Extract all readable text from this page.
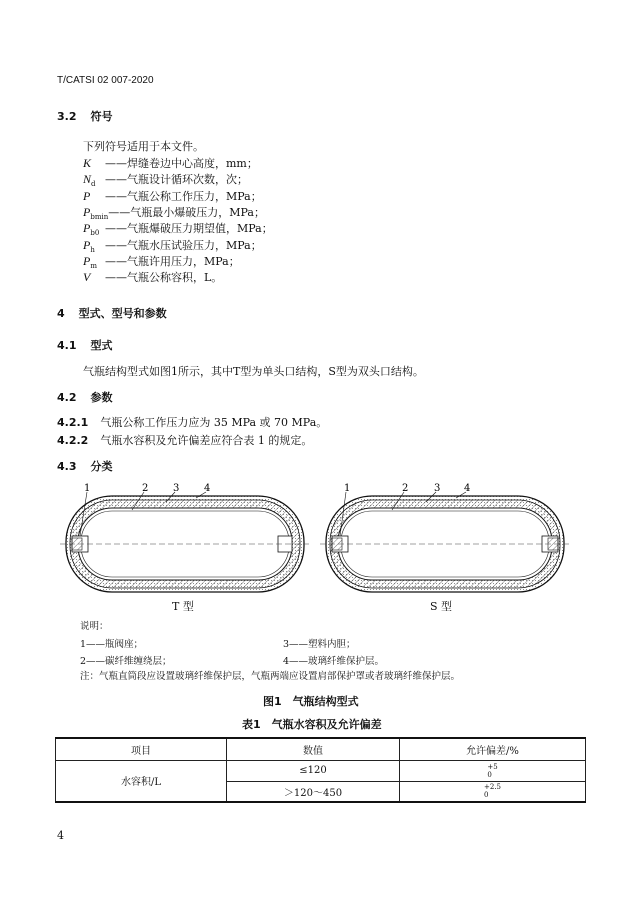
T/CATSI 02 007-2020
3.2 符号
下列符号适用于本文件。
K ——焊缝卷边中心高度，mm；
$N_d$ ——气瓶设计循环次数，次；
P ——气瓶公称工作压力，MPa；
$P_{bmin}——$气瓶最小爆破压力，MPa；
$P_{b0}$ ——气瓶爆破压力期望值，MPa；
$P_h$ ——气瓶水压试验压力，MPa；
$P_m$ ——气瓶许用压力，MPa；
V ——气瓶公称容积，L。
4 型式、型号和参数
4.1 型式
气瓶结构型式如图1所示，其中T型为单头口结构，S型为双头口结构。
4.2 参数
4.2.1 气瓶公称工作压力应为 35 MPa 或 70 MPa。
4.2.2 气瓶水容积及允许偏差应符合表 1 的规定。
4.3 分类
1	2 3 4	1	2	3 4
T 型	S 型
说明：
1——瓶阀座；	3——塑料内胆；
2——碳纤维缠绕层；	4——玻璃纤维保护层。
注：气瓶直筒段应设置玻璃纤维保护层，气瓶两端应设置肩部保护罩或者玻璃纤维保护层。
图1　气瓶结构型式
表1　气瓶水容积及允许偏差
项目	数值	允许偏差/%
水容积/L	≤120	+5
0
	＞120～450	+2.5
0
4
